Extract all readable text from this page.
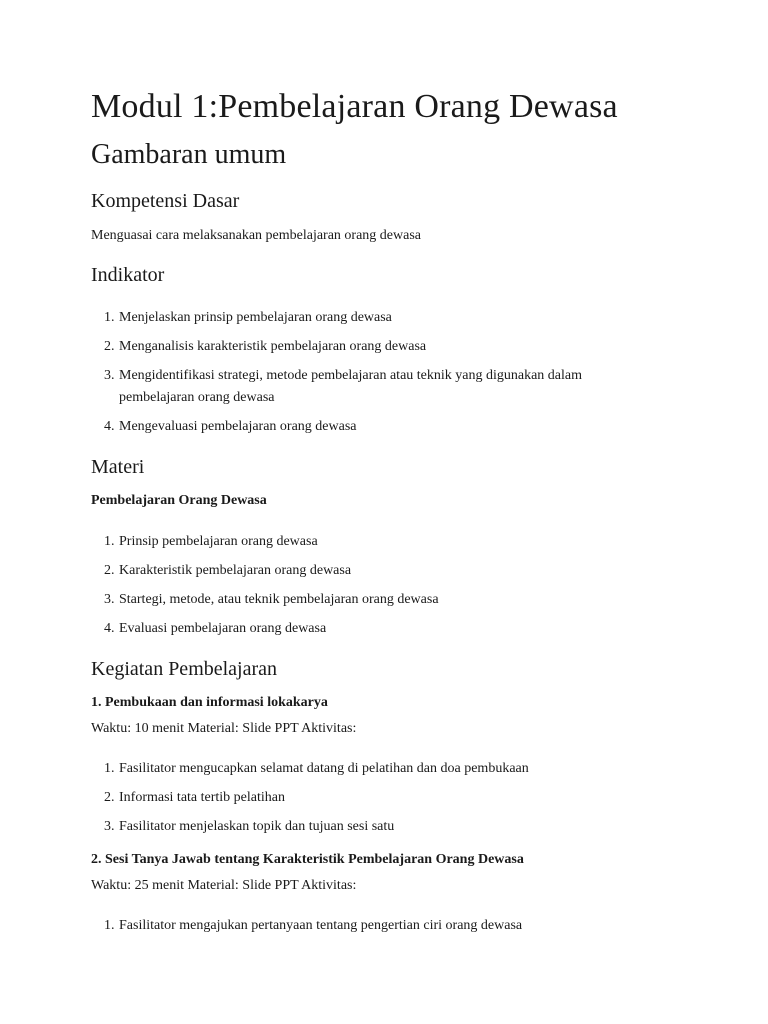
Modul 1:Pembelajaran Orang Dewasa
Gambaran umum
Kompetensi Dasar

Menguasai cara melaksanakan pembelajaran orang dewasa

Indikator
1. Menjelaskan prinsip pembelajaran orang dewasa
2. Menganalisis karakteristik pembelajaran orang dewasa
3. Mengidentifikasi strategi, metode pembelajaran atau teknik yang digunakan dalam pembelajaran orang dewasa
4. Mengevaluasi pembelajaran orang dewasa
Materi

Pembelajaran Orang Dewasa

1. Prinsip pembelajaran orang dewasa
2. Karakteristik pembelajaran orang dewasa
3. Startegi, metode, atau teknik pembelajaran orang dewasa
4. Evaluasi pembelajaran orang dewasa
Kegiatan Pembelajaran

1. Pembukaan dan informasi lokakarya

Waktu: 10 menit Material: Slide PPT Aktivitas:

1. Fasilitator mengucapkan selamat datang di pelatihan dan doa pembukaan
2. Informasi tata tertib pelatihan
3. Fasilitator menjelaskan topik dan tujuan sesi satu

2. Sesi Tanya Jawab tentang Karakteristik Pembelajaran Orang Dewasa

Waktu: 25 menit Material: Slide PPT Aktivitas:

1. Fasilitator mengajukan pertanyaan tentang pengertian ciri orang dewasa
